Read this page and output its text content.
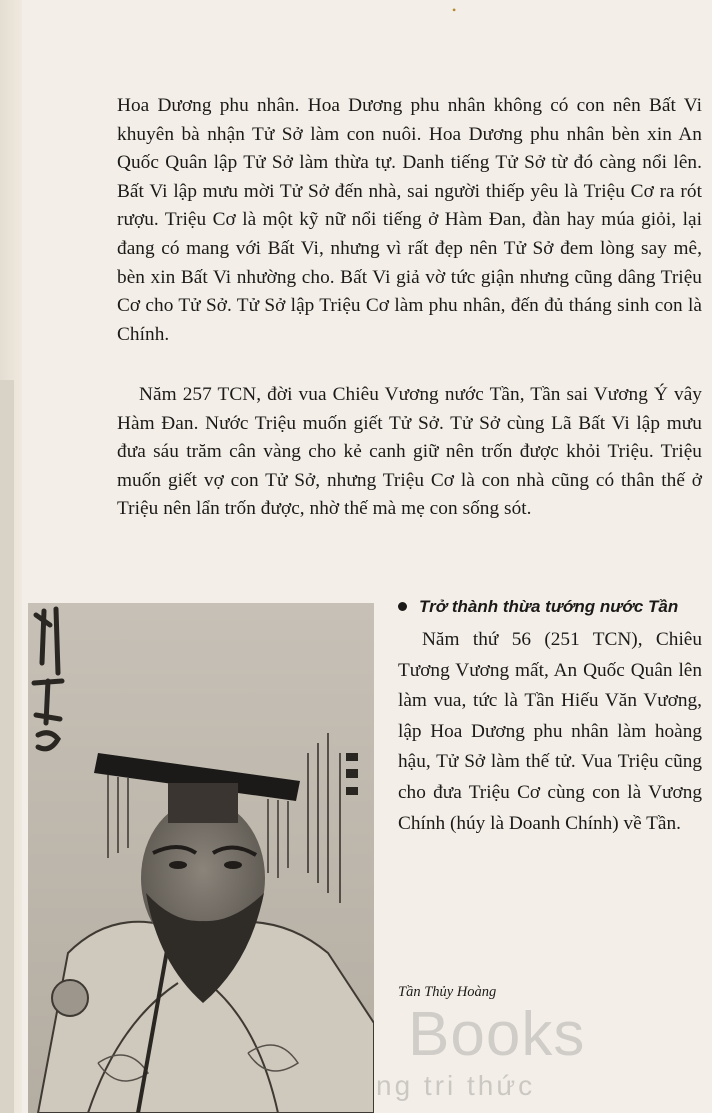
•

Hoa Dương phu nhân. Hoa Dương phu nhân không có con nên Bất Vi khuyên bà nhận Tử Sở làm con nuôi. Hoa Dương phu nhân bèn xin An Quốc Quân lập Tử Sở làm thừa tự. Danh tiếng Tử Sở từ đó càng nổi lên. Bất Vi lập mưu mời Tử Sở đến nhà, sai người thiếp yêu là Triệu Cơ ra rót rượu. Triệu Cơ là một kỹ nữ nổi tiếng ở Hàm Đan, đàn hay múa giỏi, lại đang có mang với Bất Vi, nhưng vì rất đẹp nên Tử Sở đem lòng say mê, bèn xin Bất Vi nhường cho. Bất Vi giả vờ tức giận nhưng cũng dâng Triệu Cơ cho Tử Sở. Tử Sở lập Triệu Cơ làm phu nhân, đến đủ tháng sinh con là Chính.

Năm 257 TCN, đời vua Chiêu Vương nước Tần, Tần sai Vương Ý vây Hàm Đan. Nước Triệu muốn giết Tử Sở. Tử Sở cùng Lã Bất Vi lập mưu đưa sáu trăm cân vàng cho kẻ canh giữ nên trốn được khỏi Triệu. Triệu muốn giết vợ con Tử Sở, nhưng Triệu Cơ là con nhà cũng có thân thế ở Triệu nên lẩn trốn được, nhờ thế mà mẹ con sống sót.

Trở thành thừa tướng nước Tần

Năm thứ 56 (251 TCN), Chiêu Tương Vương mất, An Quốc Quân lên làm vua, tức là Tần Hiếu Văn Vương, lập Hoa Dương phu nhân làm hoàng hậu, Tử Sở làm thế tử. Vua Triệu cũng cho đưa Triệu Cơ cùng con là Vương Chính (húy là Doanh Chính) về Tần.

Tần Thủy Hoàng

Books
ng tri thức
